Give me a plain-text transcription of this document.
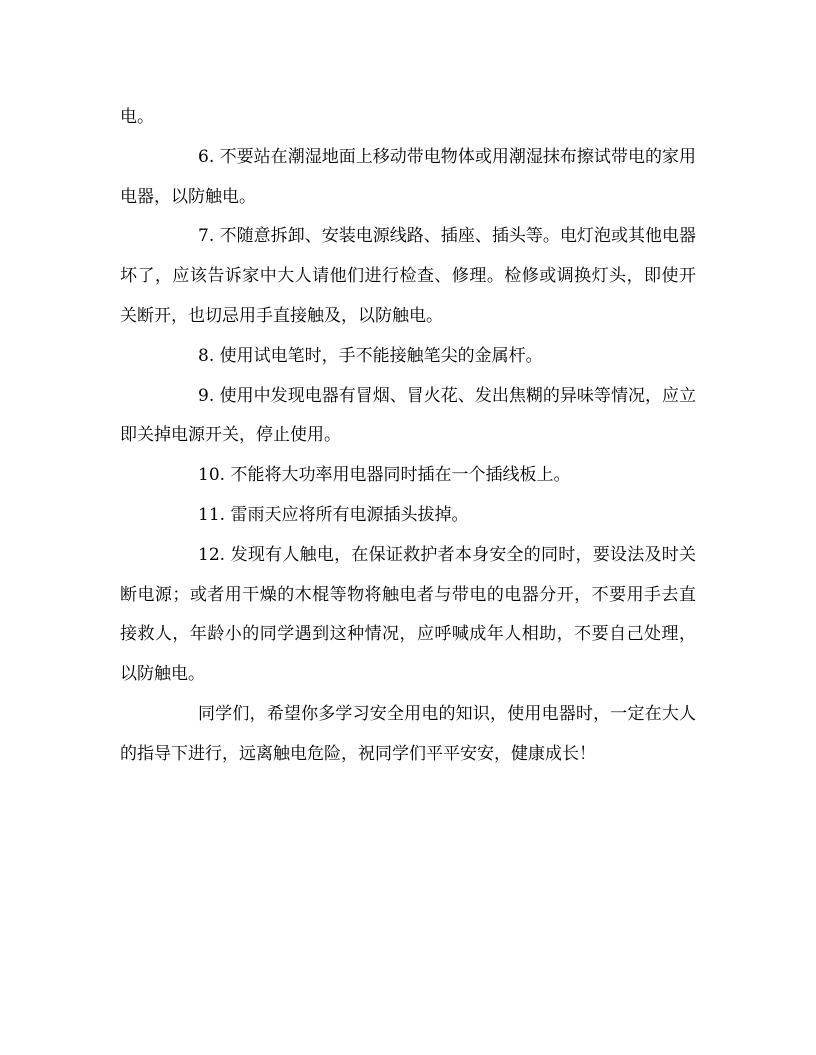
电。

6. 不要站在潮湿地面上移动带电物体或用潮湿抹布擦试带电的家用电器，以防触电。

7. 不随意拆卸、安装电源线路、插座、插头等。电灯泡或其他电器坏了，应该告诉家中大人请他们进行检查、修理。检修或调换灯头，即使开关断开，也切忌用手直接触及，以防触电。

8. 使用试电笔时，手不能接触笔尖的金属杆。

9. 使用中发现电器有冒烟、冒火花、发出焦糊的异味等情况，应立即关掉电源开关，停止使用。

10. 不能将大功率用电器同时插在一个插线板上。

11. 雷雨天应将所有电源插头拔掉。

12. 发现有人触电，在保证救护者本身安全的同时，要设法及时关断电源；或者用干燥的木棍等物将触电者与带电的电器分开，不要用手去直接救人，年龄小的同学遇到这种情况，应呼喊成年人相助，不要自己处理，以防触电。

同学们，希望你多学习安全用电的知识，使用电器时，一定在大人的指导下进行，远离触电危险，祝同学们平平安安，健康成长！
